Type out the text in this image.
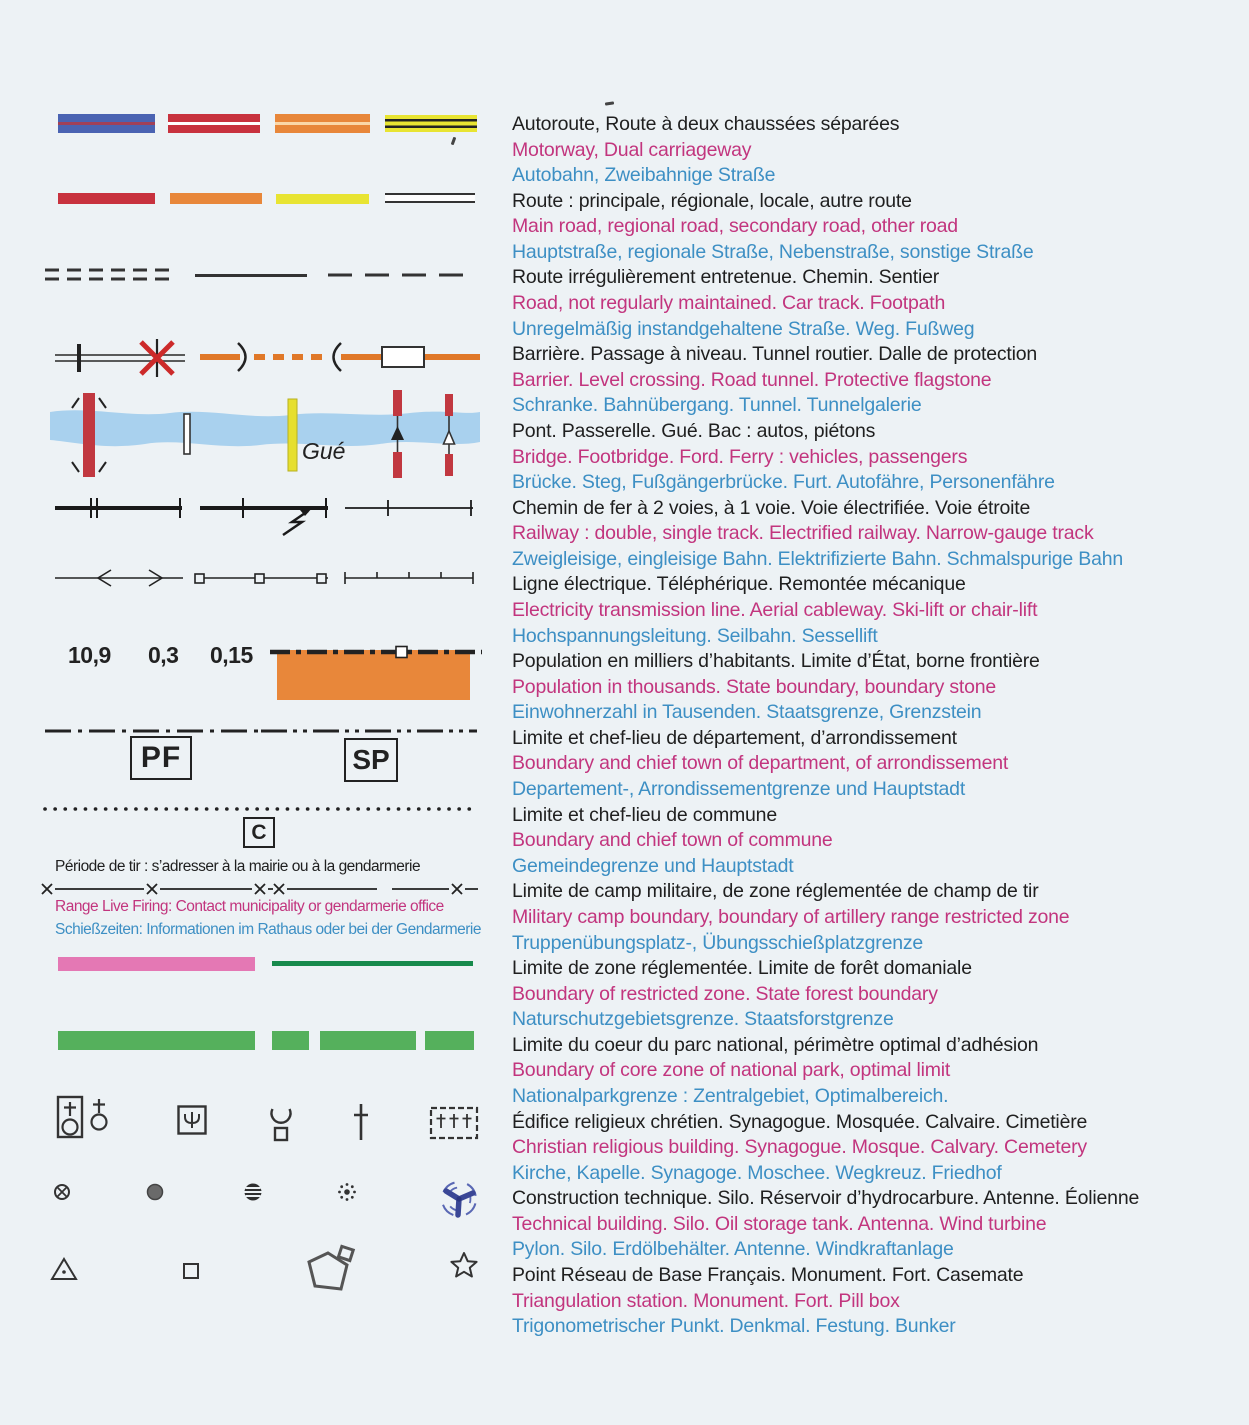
Gué
10,9 0,3 0,15
PF	SP
C
Période de tir : s’adresser à la mairie ou à la gendarmerie
Range Live Firing: Contact municipality or gendarmerie office
Schießzeiten: Informationen im Rathaus oder bei der Gendarmerie
Autoroute, Route à deux chaussées séparées
Motorway, Dual carriageway
Autobahn, Zweibahnige Straße
Route : principale, régionale, locale, autre route
Main road, regional road, secondary road, other road
Hauptstraße, regionale Straße, Nebenstraße, sonstige Straße
Route irrégulièrement entretenue. Chemin. Sentier
Road, not regularly maintained. Car track. Footpath
Unregelmäßig instandgehaltene Straße. Weg. Fußweg
Barrière. Passage à niveau. Tunnel routier. Dalle de protection
Barrier. Level crossing. Road tunnel. Protective flagstone
Schranke. Bahnübergang. Tunnel. Tunnelgalerie
Pont. Passerelle. Gué. Bac : autos, piétons
Bridge. Footbridge. Ford. Ferry : vehicles, passengers
Brücke. Steg, Fußgängerbrücke. Furt. Autofähre, Personenfähre
Chemin de fer à 2 voies, à 1 voie. Voie électrifiée. Voie étroite
Railway : double, single track. Electrified railway. Narrow-gauge track
Zweigleisige, eingleisige Bahn. Elektrifizierte Bahn. Schmalspurige Bahn
Ligne électrique. Téléphérique. Remontée mécanique
Electricity transmission line. Aerial cableway. Ski-lift or chair-lift
Hochspannungsleitung. Seilbahn. Sessellift
Population en milliers d’habitants. Limite d’État, borne frontière
Population in thousands. State boundary, boundary stone
Einwohnerzahl in Tausenden. Staatsgrenze, Grenzstein
Limite et chef-lieu de département, d’arrondissement
Boundary and chief town of department, of arrondissement
Departement-, Arrondissementgrenze und Hauptstadt
Limite et chef-lieu de commune
Boundary and chief town of commune
Gemeindegrenze und Hauptstadt
Limite de camp militaire, de zone réglementée de champ de tir
Military camp boundary, boundary of artillery range restricted zone
Truppenübungsplatz-, Übungsschießplatzgrenze
Limite de zone réglementée. Limite de forêt domaniale
Boundary of restricted zone. State forest boundary
Naturschutzgebietsgrenze. Staatsforstgrenze
Limite du coeur du parc national, périmètre optimal d’adhésion
Boundary of core zone of national park, optimal limit
Nationalparkgrenze : Zentralgebiet, Optimalbereich.
Édifice religieux chrétien. Synagogue. Mosquée. Calvaire. Cimetière
Christian religious building. Synagogue. Mosque. Calvary. Cemetery
Kirche, Kapelle. Synagoge. Moschee. Wegkreuz. Friedhof
Construction technique. Silo. Réservoir d’hydrocarbure. Antenne. Éolienne
Technical building. Silo. Oil storage tank. Antenna. Wind turbine
Pylon. Silo. Erdölbehälter. Antenne. Windkraftanlage
Point Réseau de Base Français. Monument. Fort. Casemate
Triangulation station. Monument. Fort. Pill box
Trigonometrischer Punkt. Denkmal. Festung. Bunker
